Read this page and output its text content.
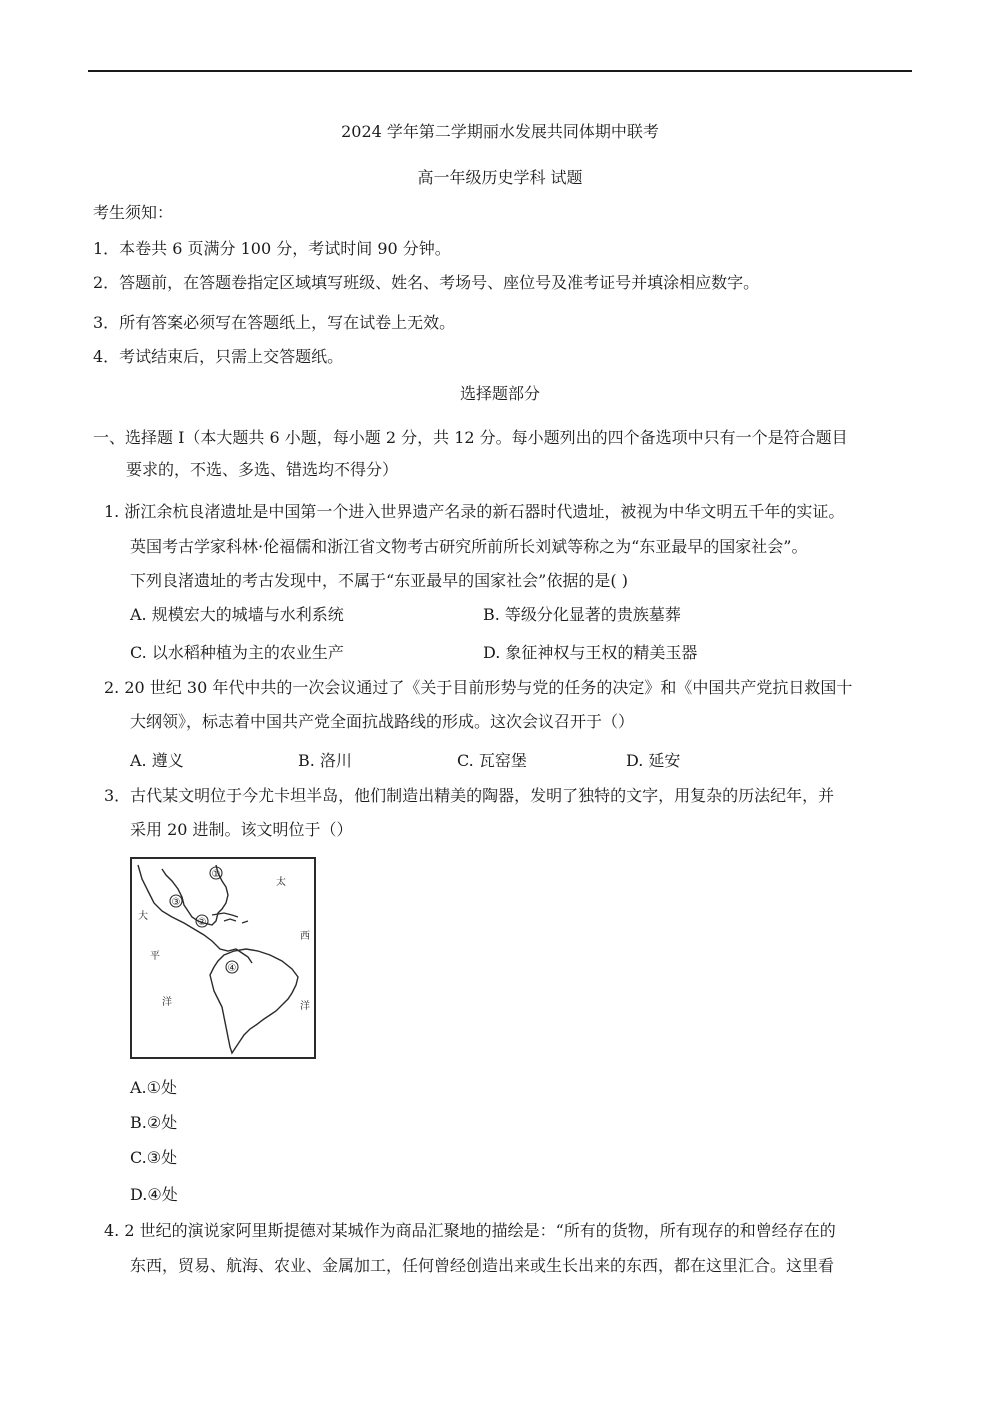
2024 学年第二学期丽水发展共同体期中联考
高一年级历史学科 试题
考生须知：
1．本卷共 6 页满分 100 分，考试时间 90 分钟。
2．答题前，在答题卷指定区域填写班级、姓名、考场号、座位号及准考证号并填涂相应数字。
3．所有答案必须写在答题纸上，写在试卷上无效。
4．考试结束后，只需上交答题纸。
选择题部分
一、选择题 I（本大题共 6 小题，每小题 2 分，共 12 分。每小题列出的四个备选项中只有一个是符合题目
要求的，不选、多选、错选均不得分）
1. 浙江余杭良渚遗址是中国第一个进入世界遗产名录的新石器时代遗址，被视为中华文明五千年的实证。
英国考古学家科林·伦福儒和浙江省文物考古研究所前所长刘斌等称之为“东亚最早的国家社会”。
下列良渚遗址的考古发现中，不属于“东亚最早的国家社会”依据的是( )
A. 规模宏大的城墙与水利系统	B. 等级分化显著的贵族墓葬
C. 以水稻种植为主的农业生产	D. 象征神权与王权的精美玉器
2. 20 世纪 30 年代中共的一次会议通过了《关于目前形势与党的任务的决定》和《中国共产党抗日救国十
大纲领》，标志着中国共产党全面抗战路线的形成。这次会议召开于（）
A. 遵义	B. 洛川	C. 瓦窑堡	D. 延安
3．古代某文明位于今尤卡坦半岛，他们制造出精美的陶器，发明了独特的文字，用复杂的历法纪年，并
采用 20 进制。该文明位于（）
①
②
③
④
太
大
西
平
洋	洋
A.①处
B.②处
C.③处
D.④处
4. 2 世纪的演说家阿里斯提德对某城作为商品汇聚地的描绘是：“所有的货物，所有现存的和曾经存在的
东西，贸易、航海、农业、金属加工，任何曾经创造出来或生长出来的东西，都在这里汇合。这里看
